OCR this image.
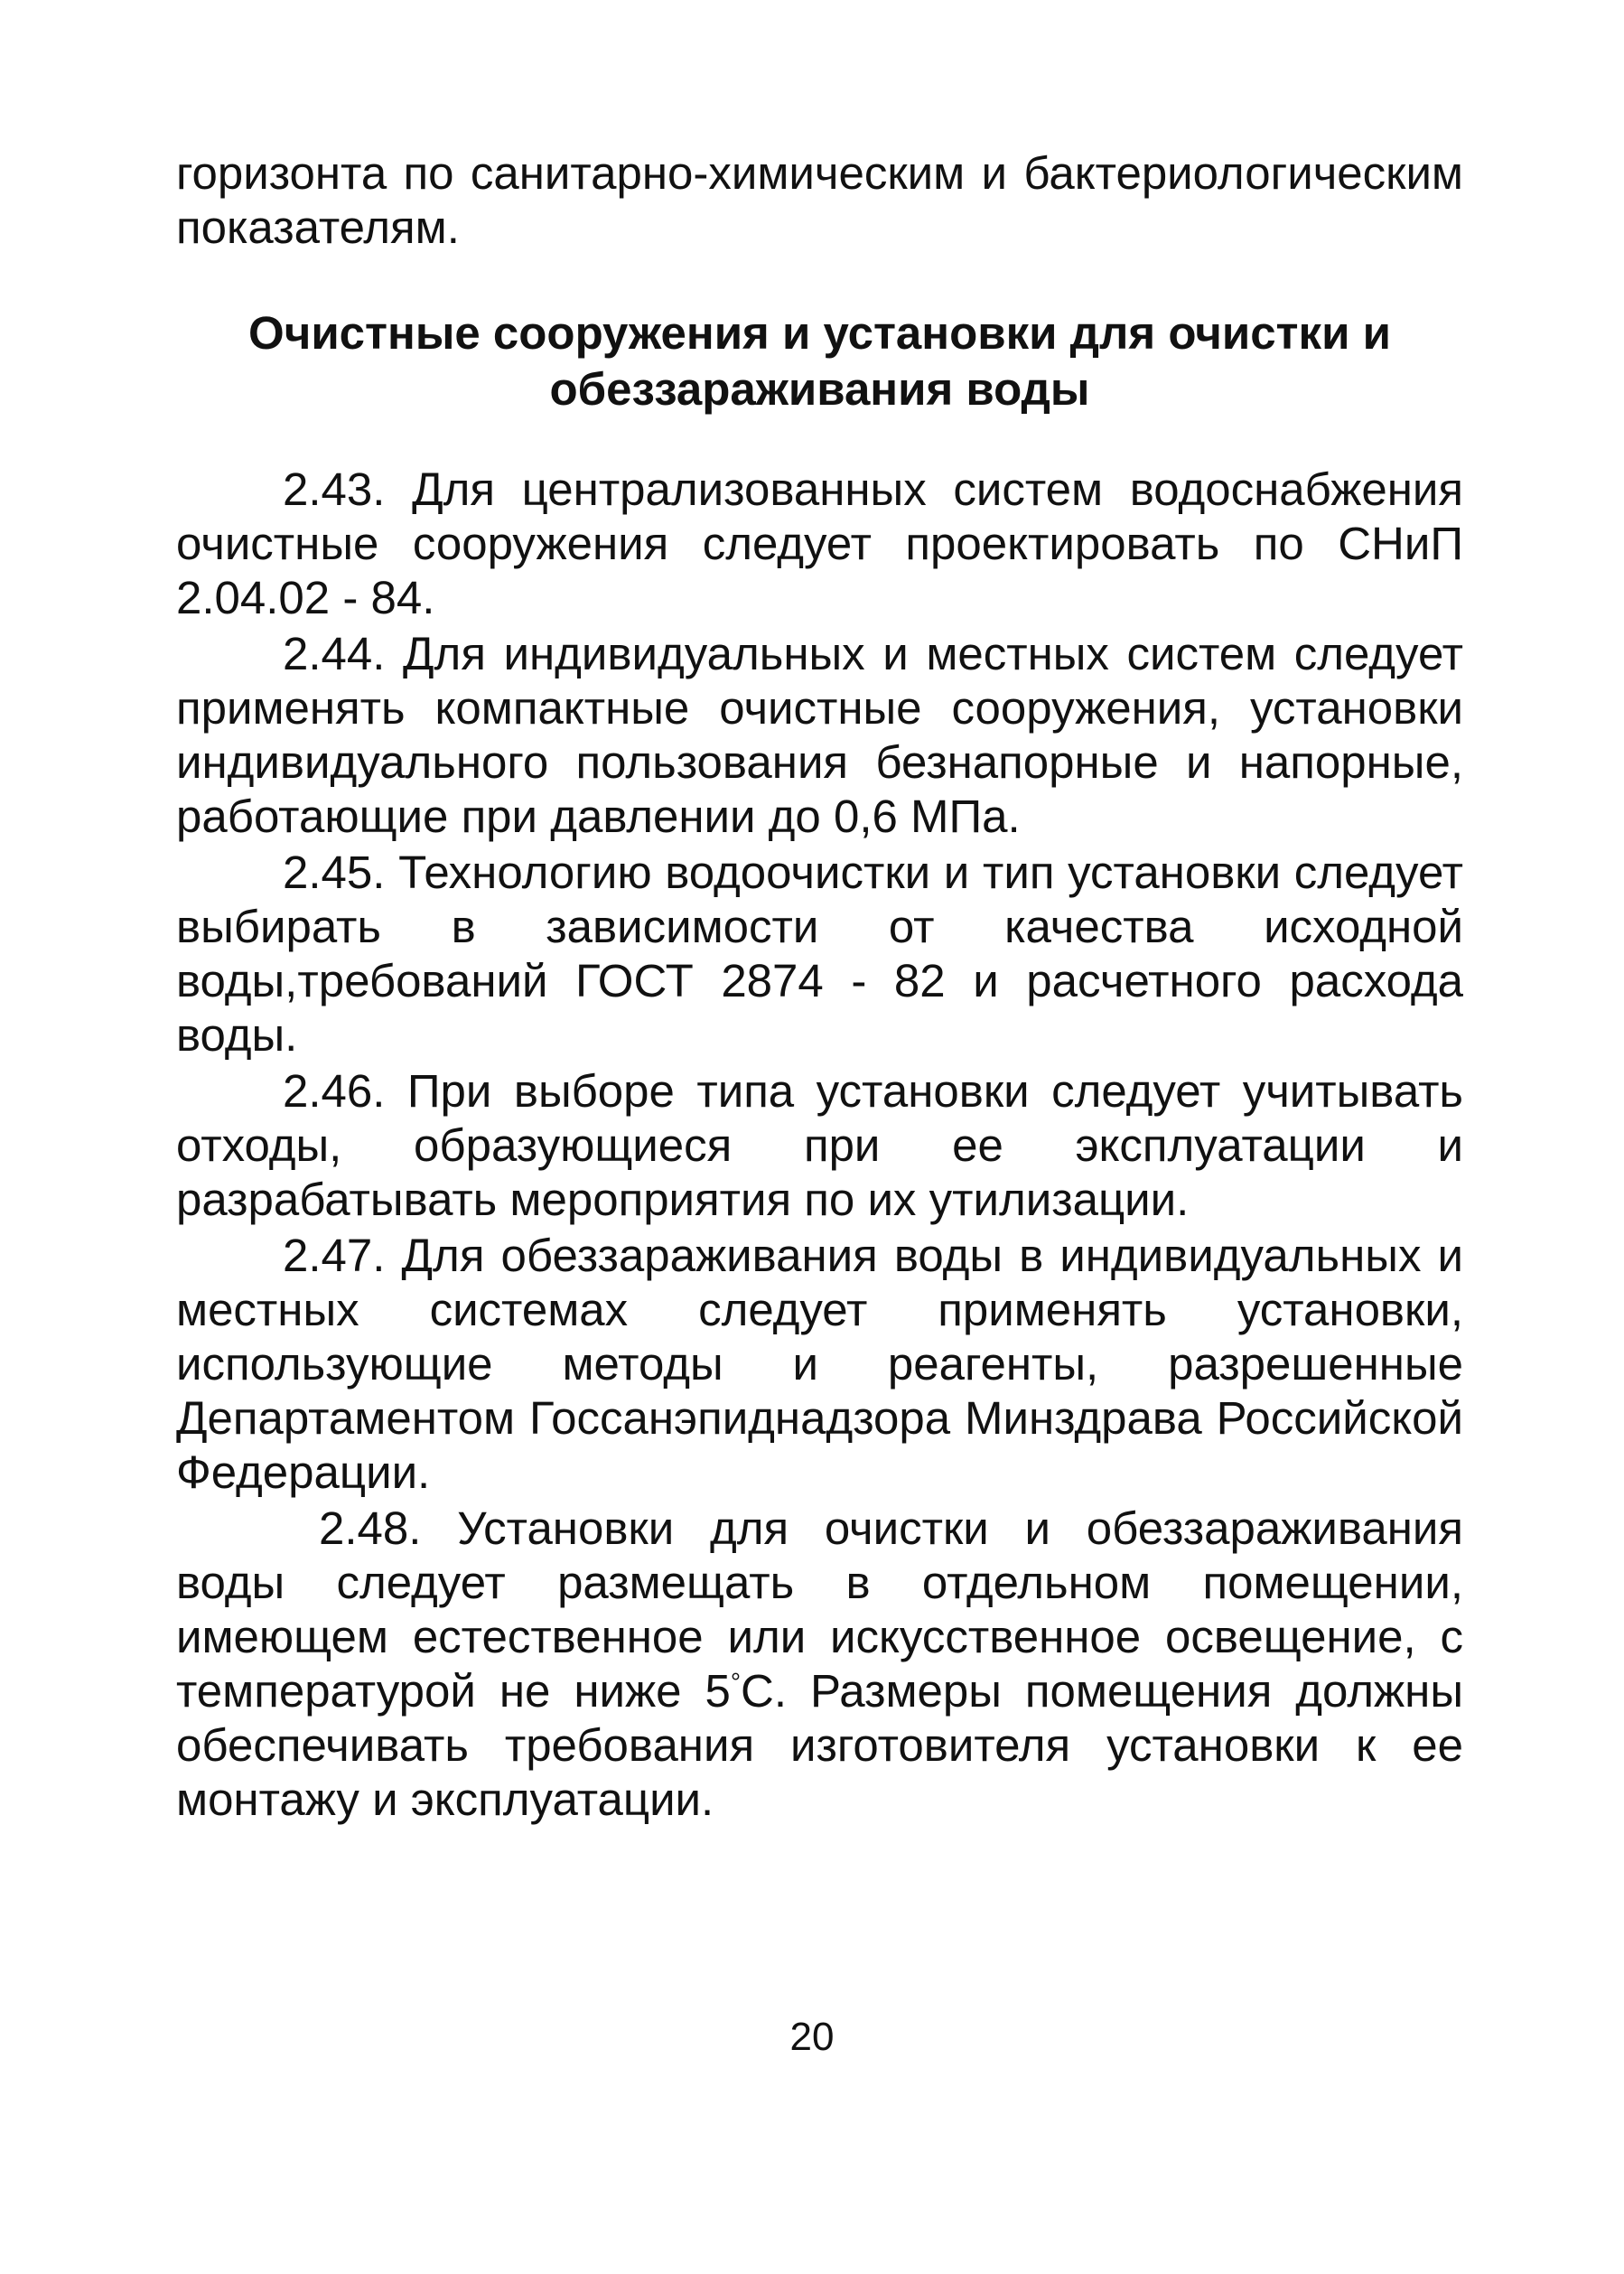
горизонта по санитарно-химическим и бактериологическим показателям.

Очистные сооружения и установки для очистки и
обеззараживания воды

2.43. Для централизованных систем водоснабжения очистные сооружения следует проектировать по СНиП 2.04.02 - 84.

2.44. Для индивидуальных и местных систем следует применять компактные очистные сооружения, установки индивидуального пользования безнапорные и напорные, работающие при давлении до 0,6 МПа.

2.45. Технологию водоочистки и тип установки следует выбирать в зависимости от качества исходной воды,требований ГОСТ 2874 - 82 и расчетного расхода воды.

2.46. При выборе типа установки следует учитывать отходы, образующиеся при ее эксплуатации и разрабатывать мероприятия по их утилизации.

2.47. Для обеззараживания воды в индивидуальных и местных системах следует применять установки, использующие методы и реагенты, разрешенные Департаментом Госсанэпиднадзора Минздрава Российской Федерации.

2.48. Установки для очистки и обеззараживания воды следует размещать в отдельном помещении, имеющем естественное или искусственное освещение, с температурой не ниже 5°С. Размеры помещения должны обеспечивать требования изготовителя установки к ее монтажу и эксплуатации.

20
